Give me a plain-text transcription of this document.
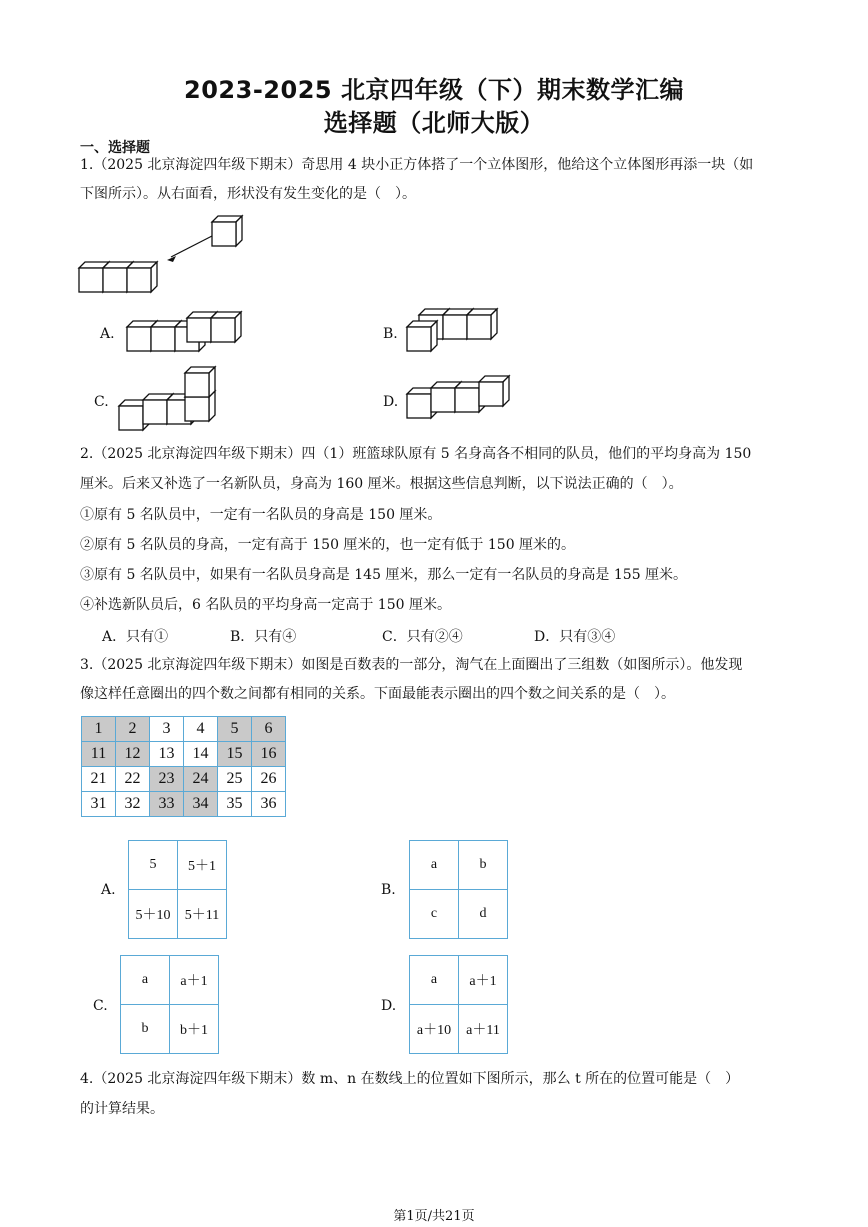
2023-2025 北京四年级（下）期末数学汇编
选择题（北师大版）
一、选择题
1.（2025 北京海淀四年级下期末）奇思用 4 块小正方体搭了一个立体图形，他给这个立体图形再添一块（如
下图所示）。从右面看，形状没有发生变化的是（　）。
A.	B.
C.	D.
2.（2025 北京海淀四年级下期末）四（1）班篮球队原有 5 名身高各不相同的队员，他们的平均身高为 150
厘米。后来又补选了一名新队员，身高为 160 厘米。根据这些信息判断，以下说法正确的（　）。
①原有 5 名队员中，一定有一名队员的身高是 150 厘米。
②原有 5 名队员的身高，一定有高于 150 厘米的，也一定有低于 150 厘米的。
③原有 5 名队员中，如果有一名队员身高是 145 厘米，那么一定有一名队员的身高是 155 厘米。
④补选新队员后，6 名队员的平均身高一定高于 150 厘米。
A．只有①	B．只有④	C．只有②④	D．只有③④
3.（2025 北京海淀四年级下期末）如图是百数表的一部分，淘气在上面圈出了三组数（如图所示）。他发现
像这样任意圈出的四个数之间都有相同的关系。下面最能表示圈出的四个数之间关系的是（　）。
1	2	3	4	5	6
11	12	13	14	15	16
21	22	23	24	25	26
31	32	33	34	35	36
A.
5	5＋1
5＋10	5＋11
B.
a	b
c	d
C.
a	a＋1
b	b＋1
D.
a	a＋1
a＋10	a＋11
4.（2025 北京海淀四年级下期末）数 m、n 在数线上的位置如下图所示，那么 t 所在的位置可能是（　）
的计算结果。
第1页/共21页
